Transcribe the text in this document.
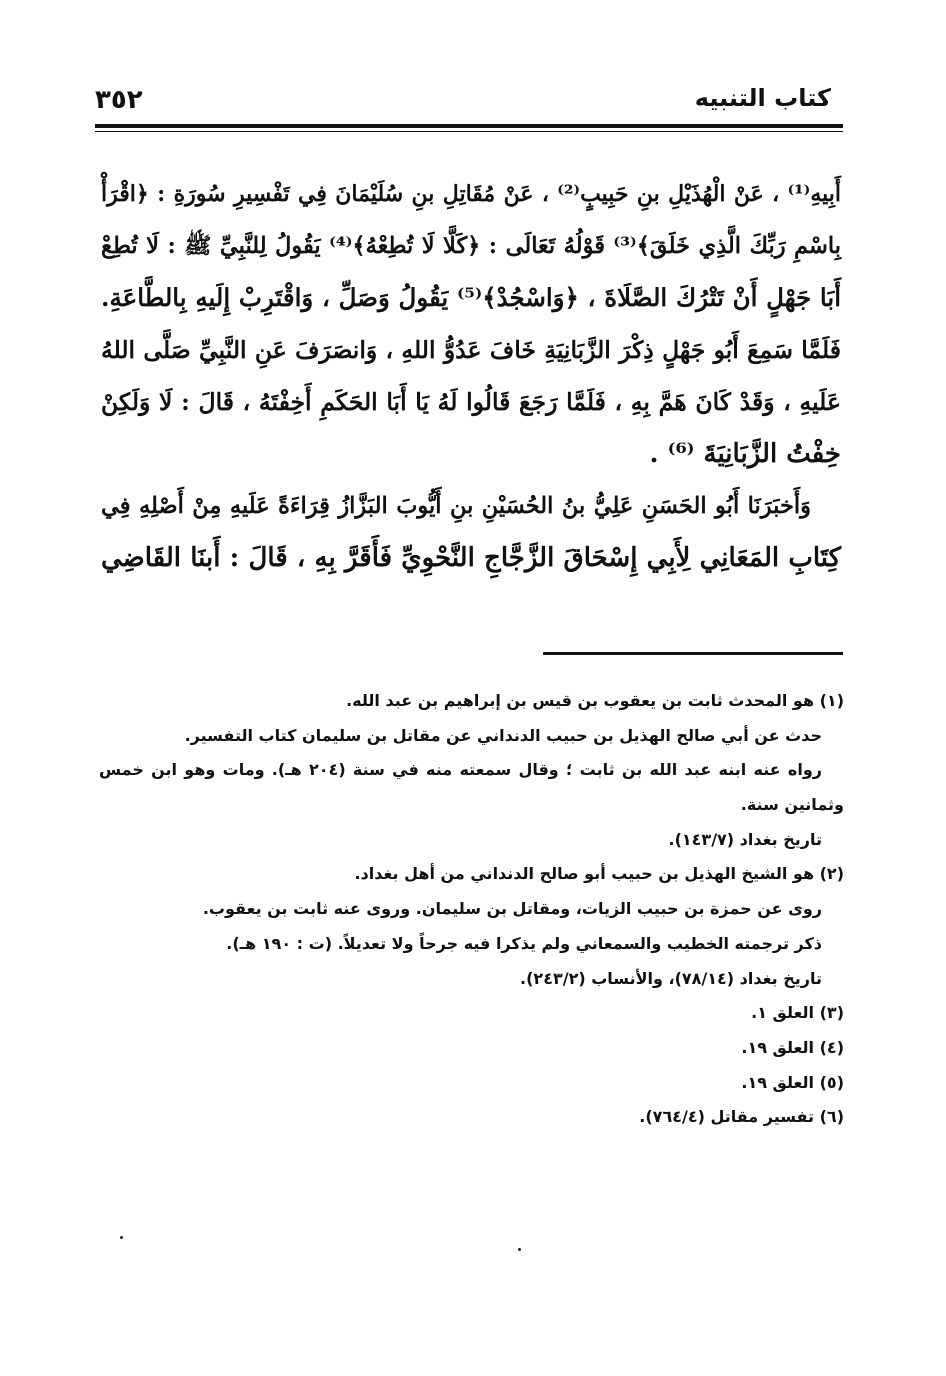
كتاب التنبيه
٣٥٢
أَبِيهِ⁽¹⁾ ، عَنْ الْهُذَيْلِ بنِ حَبِيبٍ⁽²⁾ ، عَنْ مُقَاتِلِ بنِ سُلَيْمَانَ فِي تَفْسِيرِ سُورَةِ : ﴿اقْرَأْ
بِاسْمِ رَبِّكَ الَّذِي خَلَقَ﴾⁽³⁾ قَوْلُهُ تَعَالَى : ﴿كَلَّا لَا تُطِعْهُ﴾⁽⁴⁾ يَقُولُ لِلنَّبِيِّ ﷺ : لَا تُطِعْ
أَبَا جَهْلٍ أَنْ تَتْرُكَ الصَّلَاةَ ، ﴿وَاسْجُدْ﴾⁽⁵⁾ يَقُولُ وَصَلِّ ، وَاقْتَرِبْ إِلَيهِ بِالطَّاعَةِ.
فَلَمَّا سَمِعَ أَبُو جَهْلٍ ذِكْرَ الزَّبَانِيَةِ خَافَ عَدُوُّ اللهِ ، وَانصَرَفَ عَنِ النَّبِيِّ صَلَّى اللهُ
عَلَيهِ ، وَقَدْ كَانَ هَمَّ بِهِ ، فَلَمَّا رَجَعَ قَالُوا لَهُ يَا أَبَا الحَكَمِ أَخِفْتَهُ ، قَالَ : لَا وَلَكِنْ
خِفْتُ الزَّبَانِيَةَ ⁽⁶⁾ .
وَأَخبَرَنَا أَبُو الحَسَنِ عَلِيُّ بنُ الحُسَيْنِ بنِ أَيُّوبَ البَزَّازُ قِرَاءَةً عَلَيهِ مِنْ أَصْلِهِ فِي
كِتَابِ المَعَانِي لِأَبِي إِسْحَاقَ الزَّجَّاجِ النَّحْوِيِّ فَأَقَرَّ بِهِ ، قَالَ : أَبنَا القَاضِي
(١) هو المحدث ثابت بن يعقوب بن قيس بن إبراهيم بن عبد الله.
حدث عن أبي صالح الهذيل بن حبيب الدنداني عن مقاتل بن سليمان كتاب التفسير.
رواه عنه ابنه عبد الله بن ثابت ؛ وقال سمعته منه في سنة (٢٠٤ هـ). ومات وهو ابن خمس
وثمانين سنة.
تاريخ بغداد (١٤٣/٧).
(٢) هو الشيخ الهذيل بن حبيب أبو صالح الدنداني من أهل بغداد.
روى عن حمزة بن حبيب الزيات، ومقاتل بن سليمان. وروى عنه ثابت بن يعقوب.
ذكر ترجمته الخطيب والسمعاني ولم يذكرا فيه جرحاً ولا تعديلاً. (ت : ١٩٠ هـ).
تاريخ بغداد (٧٨/١٤)، والأنساب (٢٤٣/٢).
(٣) العلق ١.
(٤) العلق ١٩.
(٥) العلق ١٩.
(٦) تفسير مقاتل (٧٦٤/٤).
